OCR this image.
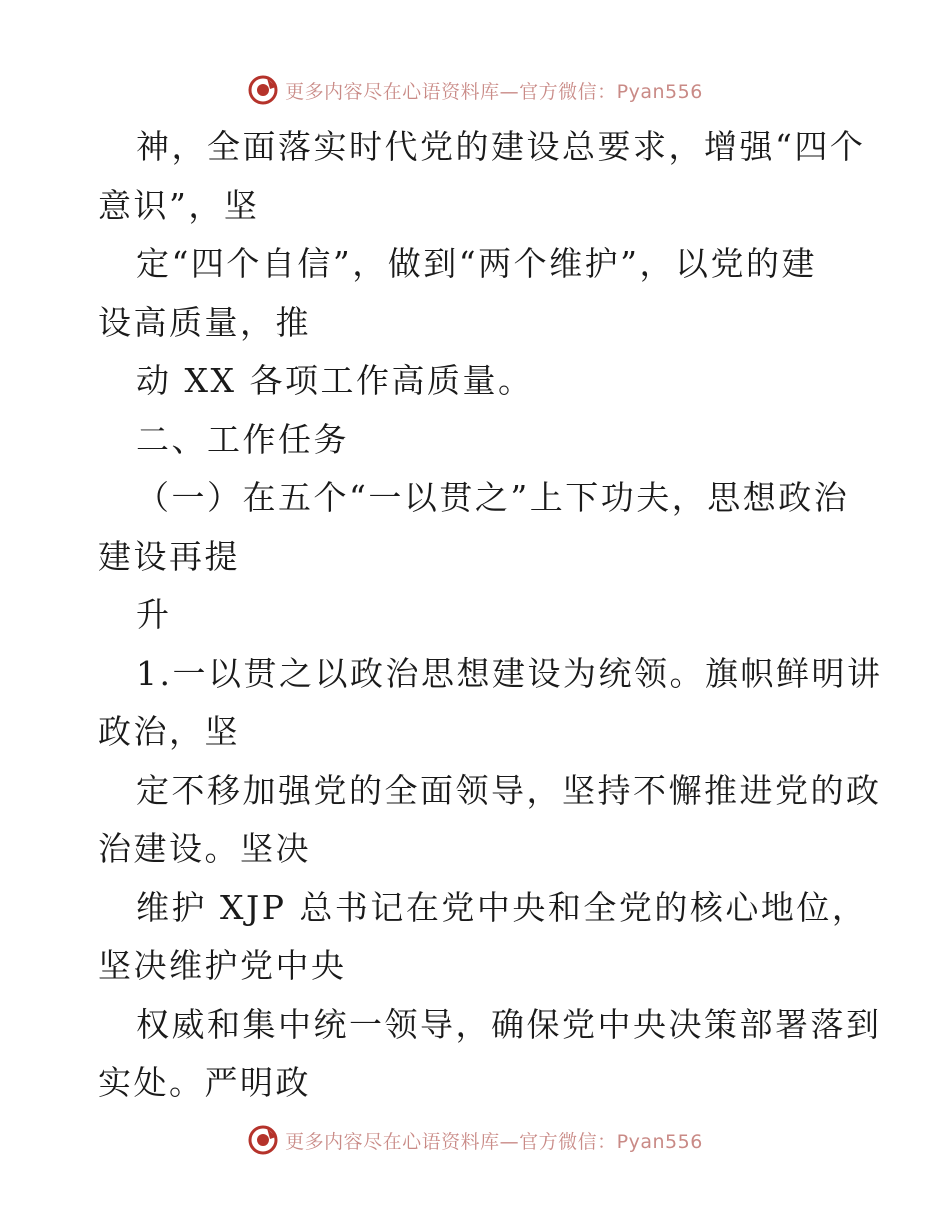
更多内容尽在心语资料库—官方微信：Pyan556
神，全面落实时代党的建设总要求，增强“四个
意识”，坚
定“四个自信”，做到“两个维护”，以党的建
设高质量，推
动 XX 各项工作高质量。
二、工作任务
（一）在五个“一以贯之”上下功夫，思想政治
建设再提
升
1.一以贯之以政治思想建设为统领。旗帜鲜明讲
政治，坚
定不移加强党的全面领导，坚持不懈推进党的政
治建设。坚决
维护 XJP 总书记在党中央和全党的核心地位，
坚决维护党中央
权威和集中统一领导，确保党中央决策部署落到
实处。严明政
更多内容尽在心语资料库—官方微信：Pyan556
